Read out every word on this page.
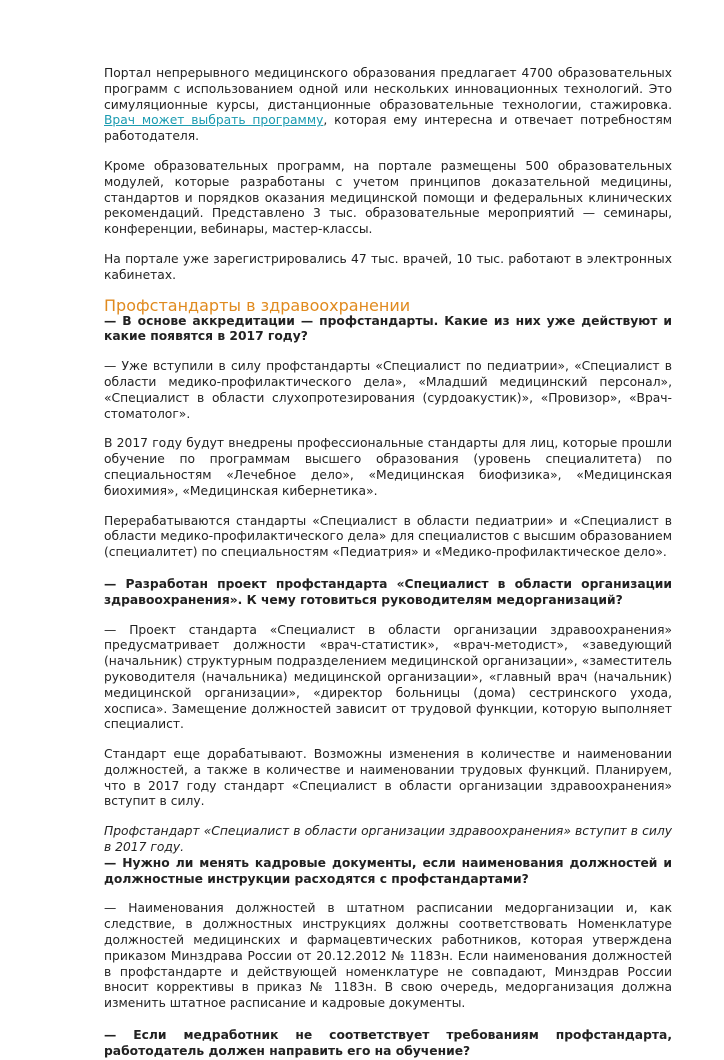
Портал непрерывного медицинского образования предлагает 4700 образовательных программ с использованием одной или нескольких инновационных технологий. Это симуляционные курсы, дистанционные образовательные технологии, стажировка. Врач может выбрать программу, которая ему интересна и отвечает потребностям работодателя.

Кроме образовательных программ, на портале размещены 500 образовательных модулей, которые разработаны с учетом принципов доказательной медицины, стандартов и порядков оказания медицинской помощи и федеральных клинических рекомендаций. Представлено 3 тыс. образовательные мероприятий — семинары, конференции, вебинары, мастер-классы.

На портале уже зарегистрировались 47 тыс. врачей, 10 тыс. работают в электронных кабинетах.

Профстандарты в здравоохранении

— В основе аккредитации — профстандарты. Какие из них уже действуют и какие появятся в 2017 году?

— Уже вступили в силу профстандарты «Специалист по педиатрии», «Специалист в области медико-профилактического дела», «Младший медицинский персонал», «Специалист в области слухопротезирования (сурдоакустик)», «Провизор», «Врач-стоматолог».

В 2017 году будут внедрены профессиональные стандарты для лиц, которые прошли обучение по программам высшего образования (уровень специалитета) по специальностям «Лечебное дело», «Медицинская биофизика», «Медицинская биохимия», «Медицинская кибернетика».

Перерабатываются стандарты «Специалист в области педиатрии» и «Специалист в области медико-профилактического дела» для специалистов с высшим образованием (специалитет) по специальностям «Педиатрия» и «Медико-профилактическое дело».

— Разработан проект профстандарта «Специалист в области организации здравоохранения». К чему готовиться руководителям медорганизаций?

— Проект стандарта «Специалист в области организации здравоохранения» предусматривает должности «врач-статистик», «врач-методист», «заведующий (начальник) структурным подразделением медицинской организации», «заместитель руководителя (начальника) медицинской организации», «главный врач (начальник) медицинской организации», «директор больницы (дома) сестринского ухода, хосписа». Замещение должностей зависит от трудовой функции, которую выполняет специалист.

Стандарт еще дорабатывают. Возможны изменения в количестве и наименовании должностей, а также в количестве и наименовании трудовых функций. Планируем, что в 2017 году стандарт «Специалист в области организации здравоохранения» вступит в силу.

Профстандарт «Специалист в области организации здравоохранения» вступит в силу в 2017 году.

— Нужно ли менять кадровые документы, если наименования должностей и должностные инструкции расходятся с профстандартами?

— Наименования должностей в штатном расписании медорганизации и, как следствие, в должностных инструкциях должны соответствовать Номенклатуре должностей медицинских и фармацевтических работников, которая утверждена приказом Минздрава России от 20.12.2012 № 1183н. Если наименования должностей в профстандарте и действующей номенклатуре не совпадают, Минздрав России вносит коррективы в приказ № 1183н. В свою очередь, медорганизация должна изменить штатное расписание и кадровые документы.

— Если медработник не соответствует требованиям профстандарта, работодатель должен направить его на обучение?
